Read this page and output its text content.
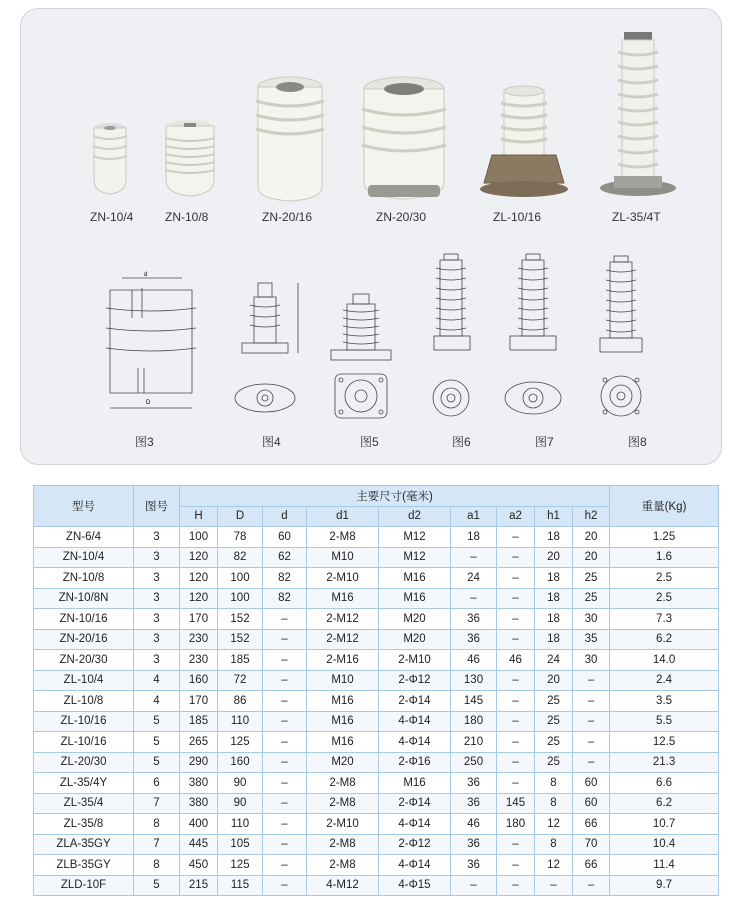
ZN-10/4	ZN-10/8	ZN-20/16	ZN-20/30	ZL-10/16	ZL-35/4T
d
D
图3	图4	图5	图6	图7	图8
型号	图号	主要尺寸(毫米)									重量(Kg)
		H	D	d	d1	d2	a1	a2	h1	h2	
ZN-6/4	3	100	78	60	2-M8	M12	18	–	18	20	1.25
ZN-10/4	3	120	82	62	M10	M12	–	–	20	20	1.6
ZN-10/8	3	120	100	82	2-M10	M16	24	–	18	25	2.5
ZN-10/8N	3	120	100	82	M16	M16	–	–	18	25	2.5
ZN-10/16	3	170	152	–	2-M12	M20	36	–	18	30	7.3
ZN-20/16	3	230	152	–	2-M12	M20	36	–	18	35	6.2
ZN-20/30	3	230	185	–	2-M16	2-M10	46	46	24	30	14.0
ZL-10/4	4	160	72	–	M10	2-Φ12	130	–	20	–	2.4
ZL-10/8	4	170	86	–	M16	2-Φ14	145	–	25	–	3.5
ZL-10/16	5	185	110	–	M16	4-Φ14	180	–	25	–	5.5
ZL-10/16	5	265	125	–	M16	4-Φ14	210	–	25	–	12.5
ZL-20/30	5	290	160	–	M20	2-Φ16	250	–	25	–	21.3
ZL-35/4Y	6	380	90	–	2-M8	M16	36	–	8	60	6.6
ZL-35/4	7	380	90	–	2-M8	2-Φ14	36	145	8	60	6.2
ZL-35/8	8	400	110	–	2-M10	4-Φ14	46	180	12	66	10.7
ZLA-35GY	7	445	105	–	2-M8	2-Φ12	36	–	8	70	10.4
ZLB-35GY	8	450	125	–	2-M8	4-Φ14	36	–	12	66	11.4
ZLD-10F	5	215	115	–	4-M12	4-Φ15	–	–	–	–	9.7
